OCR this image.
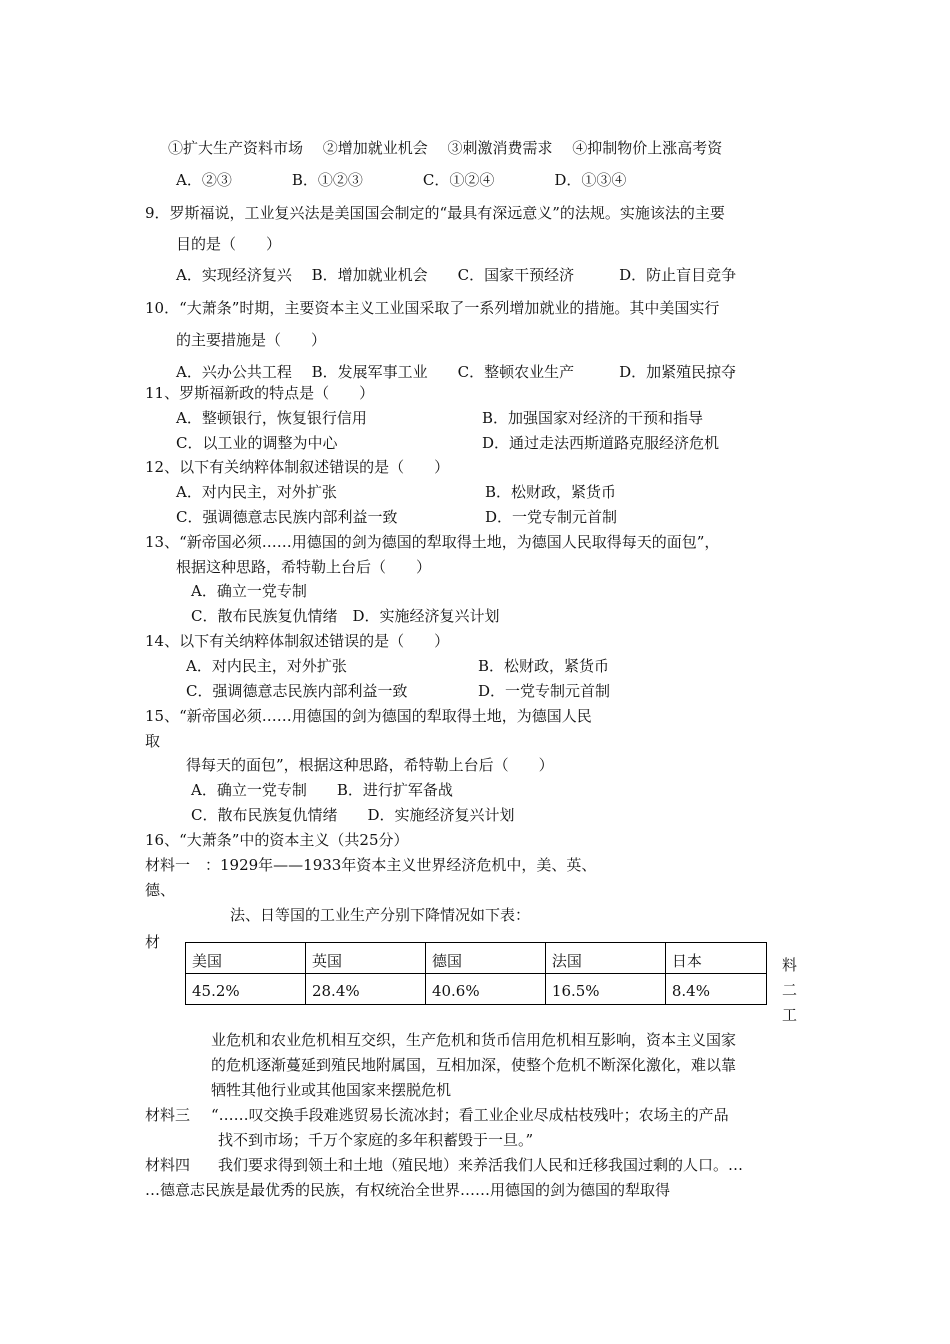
①扩大生产资料市场　 ②增加就业机会　 ③刺激消费需求　 ④抑制物价上涨高考资

A．②③　　　　B．①②③　　　　C．①②④　　　　D．①③④

9．罗斯福说，工业复兴法是美国国会制定的“最具有深远意义”的法规。实施该法的主要

目的是（　　）

A．实现经济复兴　 B．增加就业机会　　C．国家干预经济　　　D．防止盲目竞争

10．“大萧条”时期，主要资本主义工业国采取了一系列增加就业的措施。其中美国实行

的主要措施是（　　）

A．兴办公共工程　 B．发展军事工业　　C．整顿农业生产　　　D．加紧殖民掠夺

11、罗斯福新政的特点是（　　）

A．整顿银行，恢复银行信用	B．加强国家对经济的干预和指导

C．以工业的调整为中心	D．通过走法西斯道路克服经济危机

12、以下有关纳粹体制叙述错误的是（　　）

A．对内民主，对外扩张	B．松财政，紧货币

C．强调德意志民族内部利益一致	D．一党专制元首制

13、“新帝国必须……用德国的剑为德国的犁取得土地，为德国人民取得每天的面包”，

根据这种思路，希特勒上台后（　　）

A．确立一党专制

C．散布民族复仇情绪　D．实施经济复兴计划

14、以下有关纳粹体制叙述错误的是（　　）

A．对内民主，对外扩张	B．松财政，紧货币

C．强调德意志民族内部利益一致	D．一党专制元首制

15、“新帝国必须……用德国的剑为德国的犁取得土地，为德国人民

取

得每天的面包”，根据这种思路，希特勒上台后（　　）

A．确立一党专制　　B．进行扩军备战

C．散布民族复仇情绪　　D．实施经济复兴计划

16、“大萧条”中的资本主义（共25分）

材料一　：1929年——1933年资本主义世界经济危机中，美、英、

德、

法、日等国的工业生产分别下降情况如下表：

材

美国	英国	德国	法国	日本
45.2%	28.4%	40.6%	16.5%	8.4%

料

二

工

业危机和农业危机相互交织，生产危机和货币信用危机相互影响，资本主义国家

的危机逐渐蔓延到殖民地附属国，互相加深，使整个危机不断深化激化，难以靠

牺牲其他行业或其他国家来摆脱危机

材料三 “……叹交换手段难逃贸易长流冰封；看工业企业尽成枯枝残叶；农场主的产品

找不到市场；千万个家庭的多年积蓄毁于一旦。”

材料四 我们要求得到领土和土地（殖民地）来养活我们人民和迁移我国过剩的人口。…

…德意志民族是最优秀的民族，有权统治全世界……用德国的剑为德国的犁取得
